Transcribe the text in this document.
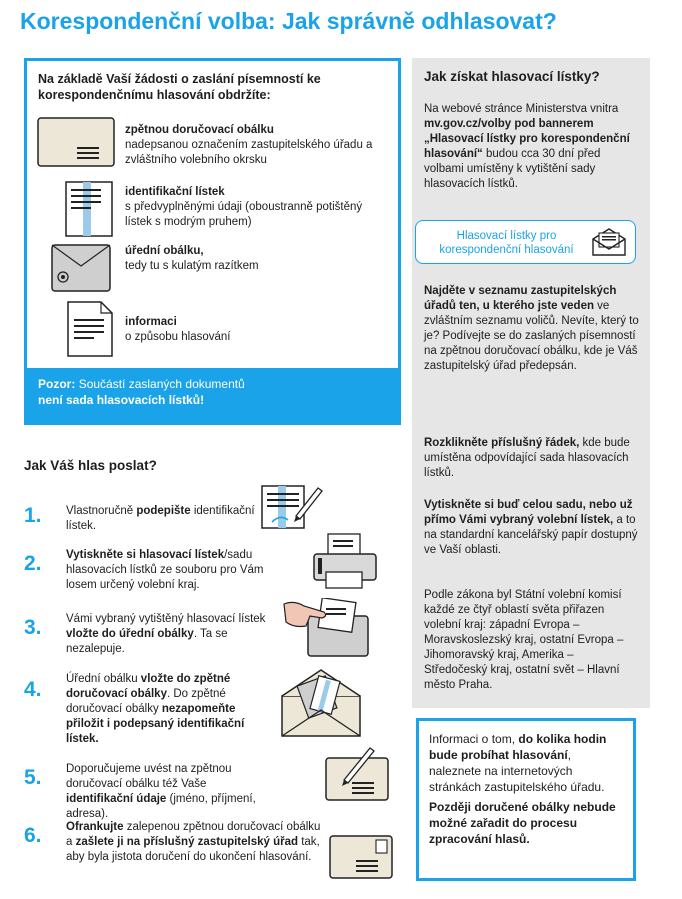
Korespondenční volba: Jak správně odhlasovat?
Na základě Vaší žádosti o zaslání písemností ke korespondenčnímu hlasování obdržíte:
zpětnou doručovací obálku
nadepsanou označením zastupitelského úřadu a zvláštního volebního okrsku
identifikační lístek
s předvyplněnými údaji (oboustranně potištěný lístek s modrým pruhem)
úřední obálku,
tedy tu s kulatým razítkem
informaci
o způsobu hlasování
Pozor: Součástí zaslaných dokumentů
není sada hlasovacích lístků!
Jak získat hlasovací lístky?
Na webové stránce Ministerstva vnitra mv.gov.cz/volby pod bannerem „Hlasovací lístky pro korespondenční hlasování“ budou cca 30 dní před volbami umístěny k vytištění sady hlasovacích lístků.
Hlasovací lístky pro korespondenční hlasování
Najděte v seznamu zastupitelských úřadů ten, u kterého jste veden ve zvláštním seznamu voličů. Nevíte, který to je? Podívejte se do zaslaných písemností na zpětnou doručovací obálku, kde je Váš zastupitelský úřad předepsán.
Rozklikněte příslušný řádek, kde bude umístěna odpovídající sada hlasovacích lístků.
Vytiskněte si buď celou sadu, nebo už přímo Vámi vybraný volební lístek, a to na standardní kancelářský papír dostupný ve Vaší oblasti.
Podle zákona byl Státní volební komisí každé ze čtyř oblastí světa přiřazen volební kraj: západní Evropa – Moravskoslezský kraj, ostatní Evropa – Jihomoravský kraj, Amerika – Středočeský kraj, ostatní svět – Hlavní město Praha.

Informaci o tom, do kolika hodin bude probíhat hlasování, naleznete na internetových stránkách zastupitelského úřadu.

Později doručené obálky nebude možné zařadit do procesu zpracování hlasů.

Jak Váš hlas poslat?
1. Vlastnoručně podepište identifikační lístek.
2. Vytiskněte si hlasovací lístek/sadu hlasovacích lístků ze souboru pro Vám losem určený volební kraj.
3. Vámi vybraný vytištěný hlasovací lístek vložte do úřední obálky. Ta se nezalepuje.
4. Úřední obálku vložte do zpětné doručovací obálky. Do zpětné doručovací obálky nezapomeňte přiložit i podepsaný identifikační lístek.
5. Doporučujeme uvést na zpětnou doručovací obálku též Vaše identifikační údaje (jméno, příjmení, adresa).
6. Ofrankujte zalepenou zpětnou doručovací obálku a zašlete ji na příslušný zastupitelský úřad tak, aby byla jistota doručení do ukončení hlasování.
